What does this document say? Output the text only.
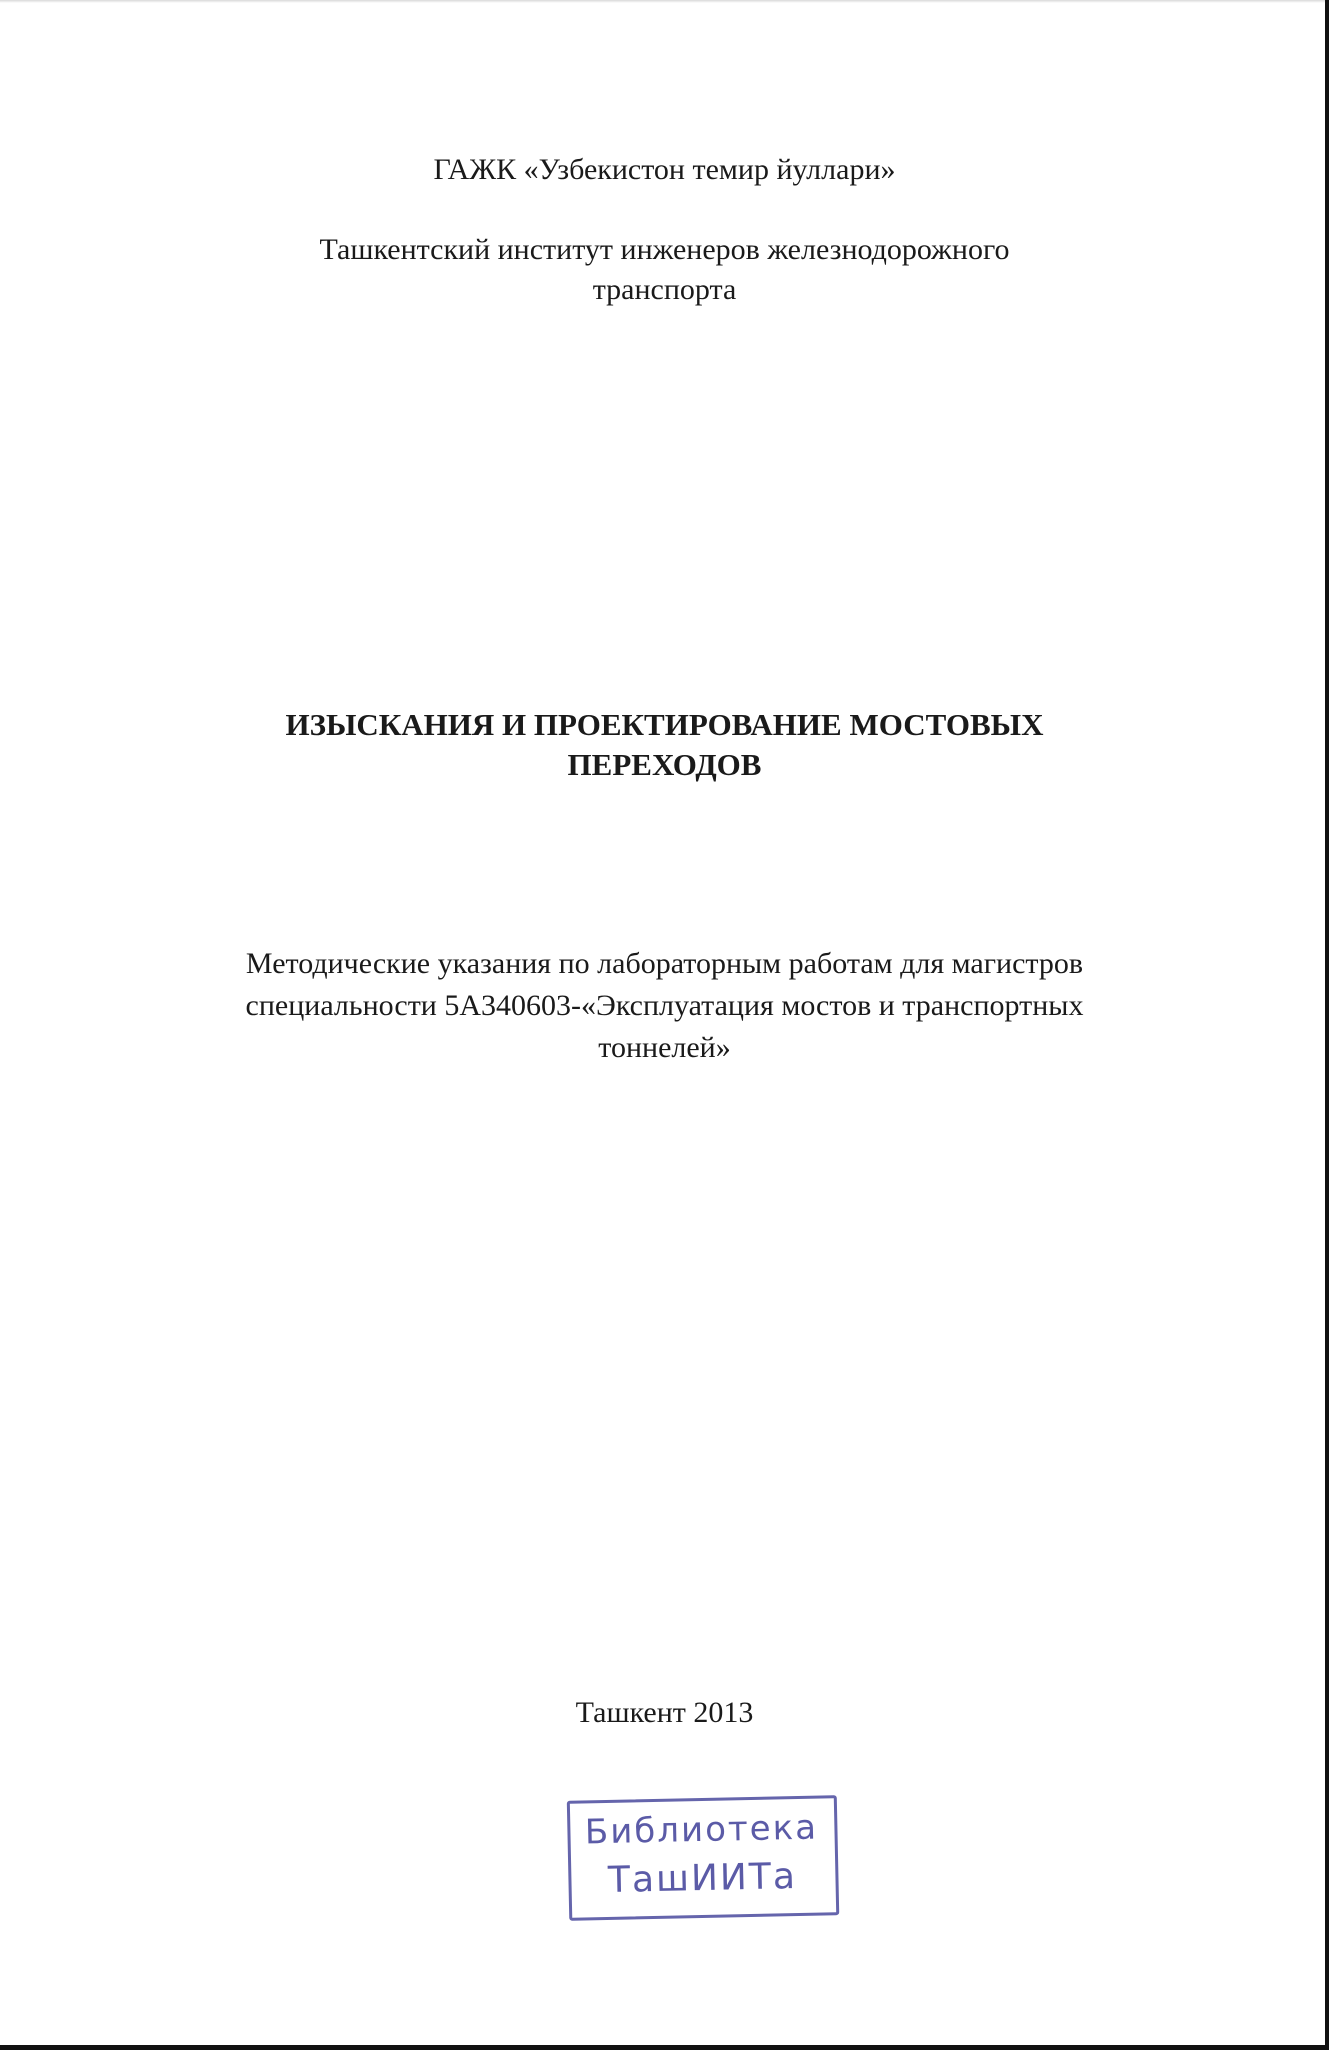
ГАЖК «Узбекистон темир йуллари»
Ташкентский институт инженеров железнодорожного
транспорта
ИЗЫСКАНИЯ И ПРОЕКТИРОВАНИЕ МОСТОВЫХ
ПЕРЕХОДОВ
Методические указания по лабораторным работам для магистров
специальности 5А340603-«Эксплуатация мостов и транспортных
тоннелей»
Ташкент 2013
Библиотека
ТашИИТа
